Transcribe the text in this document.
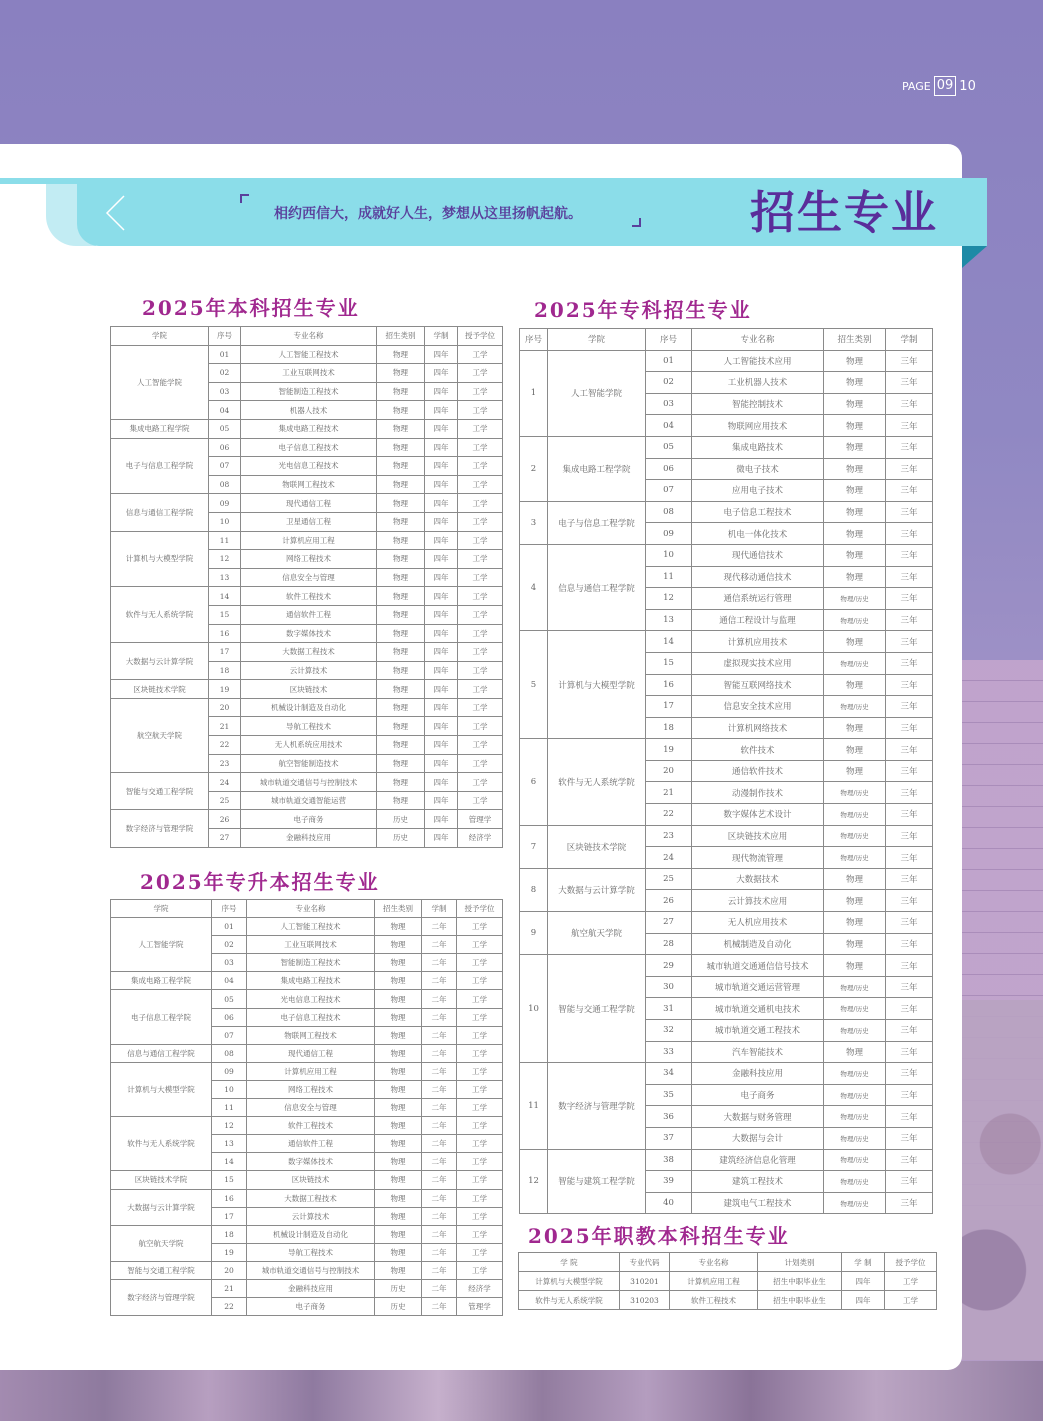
PAGE 09 10
相约西信大，成就好人生，梦想从这里扬帆起航。	招生专业
2025年本科招生专业
学院	序号	专业名称	招生类别	学制	授予学位
人工智能学院	01	人工智能工程技术	物理	四年	工学
	02	工业互联网技术	物理	四年	工学
	03	智能制造工程技术	物理	四年	工学
	04	机器人技术	物理	四年	工学
集成电路工程学院	05	集成电路工程技术	物理	四年	工学
电子与信息工程学院	06	电子信息工程技术	物理	四年	工学
	07	光电信息工程技术	物理	四年	工学
	08	物联网工程技术	物理	四年	工学
信息与通信工程学院	09	现代通信工程	物理	四年	工学
	10	卫星通信工程	物理	四年	工学
计算机与大模型学院	11	计算机应用工程	物理	四年	工学
	12	网络工程技术	物理	四年	工学
	13	信息安全与管理	物理	四年	工学
软件与无人系统学院	14	软件工程技术	物理	四年	工学
	15	通信软件工程	物理	四年	工学
	16	数字媒体技术	物理	四年	工学
大数据与云计算学院	17	大数据工程技术	物理	四年	工学
	18	云计算技术	物理	四年	工学
区块链技术学院	19	区块链技术	物理	四年	工学
航空航天学院	20	机械设计制造及自动化	物理	四年	工学
	21	导航工程技术	物理	四年	工学
	22	无人机系统应用技术	物理	四年	工学
	23	航空智能制造技术	物理	四年	工学
智能与交通工程学院	24	城市轨道交通信号与控制技术	物理	四年	工学
	25	城市轨道交通智能运营	物理	四年	工学
数字经济与管理学院	26	电子商务	历史	四年	管理学
	27	金融科技应用	历史	四年	经济学
2025年专升本招生专业
学院	序号	专业名称	招生类别	学制	授予学位
人工智能学院	01	人工智能工程技术	物理	二年	工学
	02	工业互联网技术	物理	二年	工学
	03	智能制造工程技术	物理	二年	工学
集成电路工程学院	04	集成电路工程技术	物理	二年	工学
电子信息工程学院	05	光电信息工程技术	物理	二年	工学
	06	电子信息工程技术	物理	二年	工学
	07	物联网工程技术	物理	二年	工学
信息与通信工程学院	08	现代通信工程	物理	二年	工学
计算机与大模型学院	09	计算机应用工程	物理	二年	工学
	10	网络工程技术	物理	二年	工学
	11	信息安全与管理	物理	二年	工学
软件与无人系统学院	12	软件工程技术	物理	二年	工学
	13	通信软件工程	物理	二年	工学
	14	数字媒体技术	物理	二年	工学
区块链技术学院	15	区块链技术	物理	二年	工学
大数据与云计算学院	16	大数据工程技术	物理	二年	工学
	17	云计算技术	物理	二年	工学
航空航天学院	18	机械设计制造及自动化	物理	二年	工学
	19	导航工程技术	物理	二年	工学
智能与交通工程学院	20	城市轨道交通信号与控制技术	物理	二年	工学
数字经济与管理学院	21	金融科技应用	历史	二年	经济学
	22	电子商务	历史	二年	管理学
2025年专科招生专业
序号	学院	序号	专业名称	招生类别	学制
1	人工智能学院	01	人工智能技术应用	物理	三年
		02	工业机器人技术	物理	三年
		03	智能控制技术	物理	三年
		04	物联网应用技术	物理	三年
2	集成电路工程学院	05	集成电路技术	物理	三年
		06	微电子技术	物理	三年
		07	应用电子技术	物理	三年
3	电子与信息工程学院	08	电子信息工程技术	物理	三年
		09	机电一体化技术	物理	三年
4	信息与通信工程学院	10	现代通信技术	物理	三年
		11	现代移动通信技术	物理	三年
		12	通信系统运行管理	物理/历史	三年
		13	通信工程设计与监理	物理/历史	三年
5	计算机与大模型学院	14	计算机应用技术	物理	三年
		15	虚拟现实技术应用	物理/历史	三年
		16	智能互联网络技术	物理	三年
		17	信息安全技术应用	物理/历史	三年
		18	计算机网络技术	物理	三年
6	软件与无人系统学院	19	软件技术	物理	三年
		20	通信软件技术	物理	三年
		21	动漫制作技术	物理/历史	三年
		22	数字媒体艺术设计	物理/历史	三年
7	区块链技术学院	23	区块链技术应用	物理/历史	三年
		24	现代物流管理	物理/历史	三年
8	大数据与云计算学院	25	大数据技术	物理	三年
		26	云计算技术应用	物理	三年
9	航空航天学院	27	无人机应用技术	物理	三年
		28	机械制造及自动化	物理	三年
10	智能与交通工程学院	29	城市轨道交通通信信号技术	物理	三年
		30	城市轨道交通运营管理	物理/历史	三年
		31	城市轨道交通机电技术	物理/历史	三年
		32	城市轨道交通工程技术	物理/历史	三年
		33	汽车智能技术	物理	三年
11	数字经济与管理学院	34	金融科技应用	物理/历史	三年
		35	电子商务	物理/历史	三年
		36	大数据与财务管理	物理/历史	三年
		37	大数据与会计	物理/历史	三年
12	智能与建筑工程学院	38	建筑经济信息化管理	物理/历史	三年
		39	建筑工程技术	物理/历史	三年
		40	建筑电气工程技术	物理/历史	三年
2025年职教本科招生专业
学 院	专业代码	专业名称	计划类别	学 制	授予学位
计算机与大模型学院	310201	计算机应用工程	招生中职毕业生	四年	工学
软件与无人系统学院	310203	软件工程技术	招生中职毕业生	四年	工学
